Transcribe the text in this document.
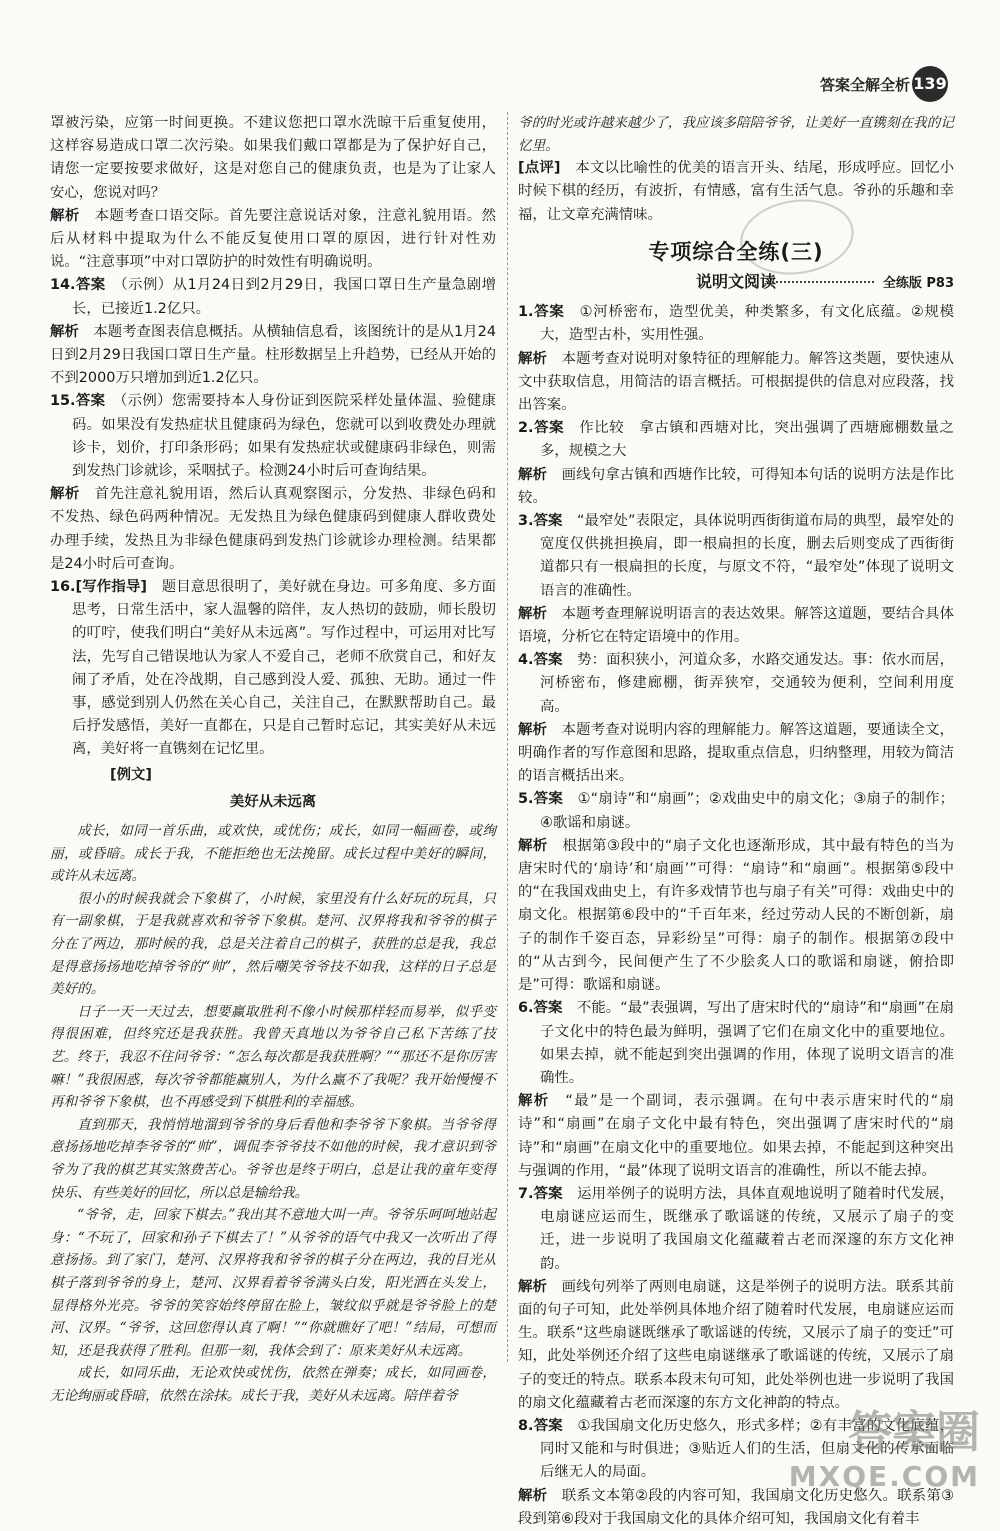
答案全解全析 139

罩被污染，应第一时间更换。不建议您把口罩水洗晾干后重复使用，这样容易造成口罩二次污染。如果我们戴口罩都是为了保护好自己，请您一定要按要求做好，这是对您自己的健康负责，也是为了让家人安心，您说对吗？

解析　本题考查口语交际。首先要注意说话对象，注意礼貌用语。然后从材料中提取为什么不能反复使用口罩的原因，进行针对性劝说。“注意事项”中对口罩防护的时效性有明确说明。

14.答案　 （示例）从1月24日到2月29日，我国口罩日生产量急剧增长，已接近1.2亿只。

解析　本题考查图表信息概括。从横轴信息看，该图统计的是从1月24日到2月29日我国口罩日生产量。柱形数据呈上升趋势，已经从开始的不到2000万只增加到近1.2亿只。

15.答案　 （示例）您需要持本人身份证到医院采样处量体温、验健康码。如果没有发热症状且健康码为绿色，您就可以到收费处办理就诊卡，划价，打印条形码；如果有发热症状或健康码非绿色，则需到发热门诊就诊，采咽拭子。检测24小时后可查询结果。

解析　首先注意礼貌用语，然后认真观察图示，分发热、非绿色码和不发热、绿色码两种情况。无发热且为绿色健康码到健康人群收费处办理手续，发热且为非绿色健康码到发热门诊就诊办理检测。结果都是24小时后可查询。

16.[写作指导]　 题目意思很明了，美好就在身边。可多角度、多方面思考，日常生活中，家人温馨的陪伴，友人热切的鼓励，师长殷切的叮咛，使我们明白“美好从未远离”。写作过程中，可运用对比写法，先写自己错误地认为家人不爱自己，老师不欣赏自己，和好友闹了矛盾，处在冷战期，自己感到没人爱、孤独、无助。通过一件事，感觉到别人仍然在关心自己，关注自己，在默默帮助自己。最后抒发感悟，美好一直都在，只是自己暂时忘记，其实美好从未远离，美好将一直镌刻在记忆里。

[例文]

美好从未远离

成长，如同一首乐曲，或欢快，或忧伤；成长，如同一幅画卷，或绚丽，或昏暗。成长于我，不能拒绝也无法挽留。成长过程中美好的瞬间，或许从未远离。

很小的时候我就会下象棋了，小时候，家里没有什么好玩的玩具，只有一副象棋，于是我就喜欢和爷爷下象棋。楚河、汉界将我和爷爷的棋子分在了两边，那时候的我，总是关注着自己的棋子，获胜的总是我，我总是得意扬扬地吃掉爷爷的“帅”，然后嘲笑爷爷技不如我，这样的日子总是美好的。

日子一天一天过去，想要赢取胜利不像小时候那样轻而易举，似乎变得很困难，但终究还是我获胜。我曾天真地以为爷爷自己私下苦练了技艺。终于，我忍不住问爷爷：“怎么每次都是我获胜啊？”“那还不是你厉害嘛！”我很困惑，每次爷爷都能赢别人，为什么赢不了我呢？我开始慢慢不再和爷爷下象棋，也不再感受到下棋胜利的幸福感。

直到那天，我悄悄地溜到爷爷的身后看他和李爷爷下象棋。当爷爷得意扬扬地吃掉李爷爷的“帅”，调侃李爷爷技不如他的时候，我才意识到爷爷为了我的棋艺其实煞费苦心。爷爷也是终于明白，总是让我的童年变得快乐、有些美好的回忆，所以总是输给我。

“爷爷，走，回家下棋去。”我出其不意地大叫一声。爷爷乐呵呵地站起身：“不玩了，回家和孙子下棋去了！”从爷爷的语气中我又一次听出了得意扬扬。到了家门，楚河、汉界将我和爷爷的棋子分在两边，我的目光从棋子落到爷爷的身上，楚河、汉界看着爷爷满头白发，阳光洒在头发上，显得格外光亮。爷爷的笑容始终停留在脸上，皱纹似乎就是爷爷脸上的楚河、汉界。“爷爷，这回您得认真了啊！”“你就瞧好了吧！”结局，可想而知，还是我获得了胜利。但那一刻，我体会到了：原来美好从未远离。

成长，如同乐曲，无论欢快或忧伤，依然在弹奏；成长，如同画卷，无论绚丽或昏暗，依然在涂抹。成长于我，美好从未远离。陪伴着爷

爷的时光或许越来越少了，我应该多陪陪爷爷，让美好一直镌刻在我的记忆里。

[点评]　 本文以比喻性的优美的语言开头、结尾，形成呼应。回忆小时候下棋的经历，有波折，有情感，富有生活气息。爷孙的乐趣和幸福，让文章充满情味。

专项综合全练(三)
说明文阅读	全练版 P83

1.答案　 ①河桥密布，造型优美，种类繁多，有文化底蕴。②规模大，造型古朴，实用性强。

解析　本题考查对说明对象特征的理解能力。解答这类题，要快速从文中获取信息，用简洁的语言概括。可根据提供的信息对应段落，找出答案。

2.答案　 作比较　拿古镇和西塘对比，突出强调了西塘廊棚数量之多，规模之大

解析　画线句拿古镇和西塘作比较，可得知本句话的说明方法是作比较。

3.答案　 “最窄处”表限定，具体说明西街街道布局的典型，最窄处的宽度仅供挑担换肩，即一根扁担的长度，删去后则变成了西街街道都只有一根扁担的长度，与原文不符，“最窄处”体现了说明文语言的准确性。

解析　本题考查理解说明语言的表达效果。解答这道题，要结合具体语境，分析它在特定语境中的作用。

4.答案　 势：面积狭小，河道众多，水路交通发达。事：依水而居，河桥密布，修建廊棚，街弄狭窄，交通较为便利，空间利用度高。

解析　本题考查对说明内容的理解能力。解答这道题，要通读全文，明确作者的写作意图和思路，提取重点信息，归纳整理，用较为简洁的语言概括出来。

5.答案　 ①“扇诗”和“扇画”；②戏曲史中的扇文化；③扇子的制作；④歌谣和扇谜。

解析　根据第③段中的“扇子文化也逐渐形成，其中最有特色的当为唐宋时代的‘扇诗’和‘扇画’”可得：“扇诗”和“扇画”。根据第⑤段中的“在我国戏曲史上，有许多戏情节也与扇子有关”可得：戏曲史中的扇文化。根据第⑥段中的“千百年来，经过劳动人民的不断创新，扇子的制作千姿百态，异彩纷呈”可得：扇子的制作。根据第⑦段中的“从古到今，民间便产生了不少脍炙人口的歌谣和扇谜，俯拾即是”可得：歌谣和扇谜。

6.答案　 不能。“最”表强调，写出了唐宋时代的“扇诗”和“扇画”在扇子文化中的特色最为鲜明，强调了它们在扇文化中的重要地位。如果去掉，就不能起到突出强调的作用，体现了说明文语言的准确性。

解析　“最”是一个副词，表示强调。在句中表示唐宋时代的“扇诗”和“扇画”在扇子文化中最有特色，突出强调了唐宋时代的“扇诗”和“扇画”在扇文化中的重要地位。如果去掉，不能起到这种突出与强调的作用，“最”体现了说明文语言的准确性，所以不能去掉。

7.答案　 运用举例子的说明方法，具体直观地说明了随着时代发展，电扇谜应运而生，既继承了歌谣谜的传统，又展示了扇子的变迁，进一步说明了我国扇文化蕴藏着古老而深邃的东方文化神韵。

解析　画线句列举了两则电扇谜，这是举例子的说明方法。联系其前面的句子可知，此处举例具体地介绍了随着时代发展，电扇谜应运而生。联系“这些扇谜既继承了歌谣谜的传统，又展示了扇子的变迁”可知，此处举例还介绍了这些电扇谜继承了歌谣谜的传统，又展示了扇子的变迁的特点。联系本段末句可知，此处举例也进一步说明了我国的扇文化蕴藏着古老而深邃的东方文化神韵的特点。

8.答案　 ①我国扇文化历史悠久，形式多样；②有丰富的文化底蕴，同时又能和与时俱进；③贴近人们的生活，但扇文化的传承面临后继无人的局面。

解析　联系文本第②段的内容可知，我国扇文化历史悠久。联系第③段到第⑥段对于我国扇文化的具体介绍可知，我国扇文化有着丰

答案圈
MXQE.COM
